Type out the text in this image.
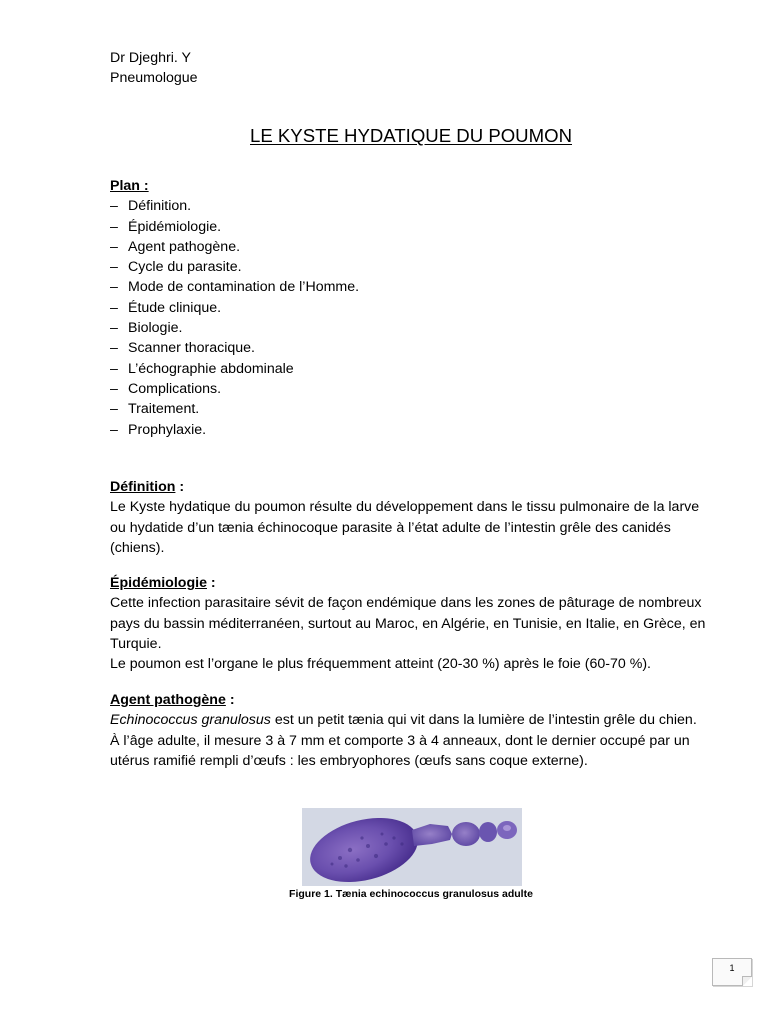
Dr Djeghri. Y
Pneumologue
LE KYSTE HYDATIQUE DU POUMON
Plan :
– Définition.
– Épidémiologie.
– Agent pathogène.
– Cycle du parasite.
– Mode de contamination de l’Homme.
– Étude clinique.
– Biologie.
– Scanner thoracique.
– L’échographie abdominale
– Complications.
– Traitement.
– Prophylaxie.
Définition :

Le Kyste hydatique du poumon résulte du développement dans le tissu pulmonaire de la larve ou hydatide d’un tænia échinocoque parasite à l’état adulte de l’intestin grêle des canidés (chiens).

Épidémiologie :

Cette infection parasitaire sévit de façon endémique dans les zones de pâturage de nombreux pays du bassin méditerranéen, surtout au Maroc, en Algérie, en Tunisie, en Italie, en Grèce, en Turquie.

Le poumon est l’organe le plus fréquemment atteint (20-30 %) après le foie (60-70 %).

Agent pathogène :

Echinococcus granulosus est un petit tænia qui vit dans la lumière de l’intestin grêle du chien.

À l’âge adulte, il mesure 3 à 7 mm et comporte 3 à 4 anneaux, dont le dernier occupé par un utérus ramifié rempli d’œufs : les embryophores (œufs sans coque externe).

Figure 1. Tænia echinococcus granulosus adulte
1
